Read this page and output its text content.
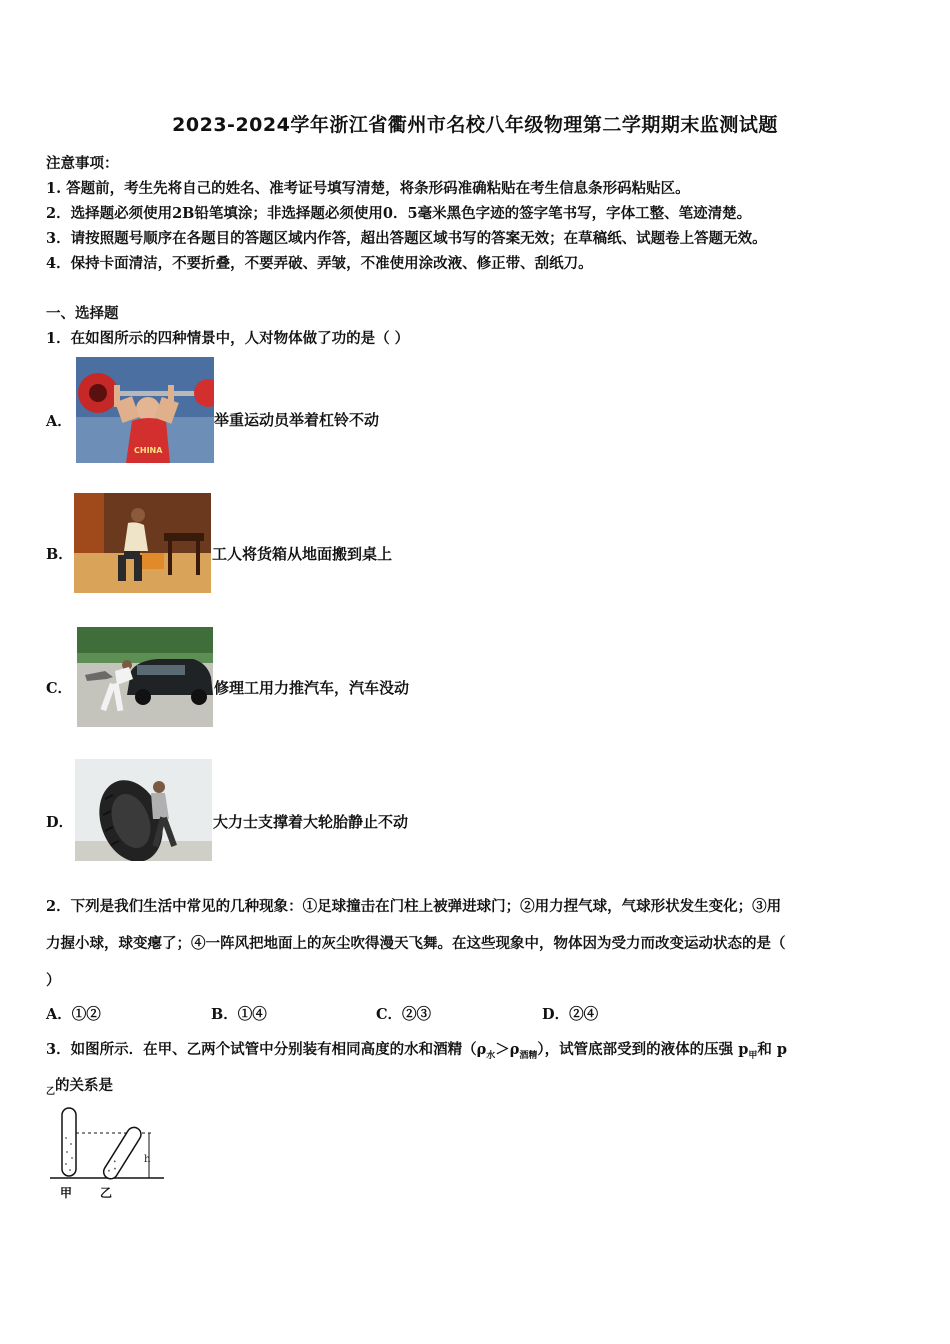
2023-2024学年浙江省衢州市名校八年级物理第二学期期末监测试题
注意事项：
1. 答题前，考生先将自己的姓名、准考证号填写清楚，将条形码准确粘贴在考生信息条形码粘贴区。
2．选择题必须使用2B铅笔填涂；非选择题必须使用0．5毫米黑色字迹的签字笔书写，字体工整、笔迹清楚。
3．请按照题号顺序在各题目的答题区域内作答，超出答题区域书写的答案无效；在草稿纸、试题卷上答题无效。
4．保持卡面清洁，不要折叠，不要弄破、弄皱，不准使用涂改液、修正带、刮纸刀。
一、选择题
1．在如图所示的四种情景中，人对物体做了功的是（ ）
A．
CHINA
举重运动员举着杠铃不动
B．	工人将货箱从地面搬到桌上
C．	修理工用力推汽车，汽车没动
D．	大力士支撑着大轮胎静止不动
2．下列是我们生活中常见的几种现象：①足球撞击在门柱上被弹进球门；②用力捏气球，气球形状发生变化；③用
力握小球，球变瘪了；④一阵风把地面上的灰尘吹得漫天飞舞。在这些现象中，物体因为受力而改变运动状态的是（
）
A．①②	B．①④	C．②③	D．②④
3．如图所示．在甲、乙两个试管中分别装有相同高度的水和酒精$(\rho_水>\rho_{酒精})$，试管底部受到的液体的压强 $p_甲$和 p
$_乙$的关系是
h
甲 乙
